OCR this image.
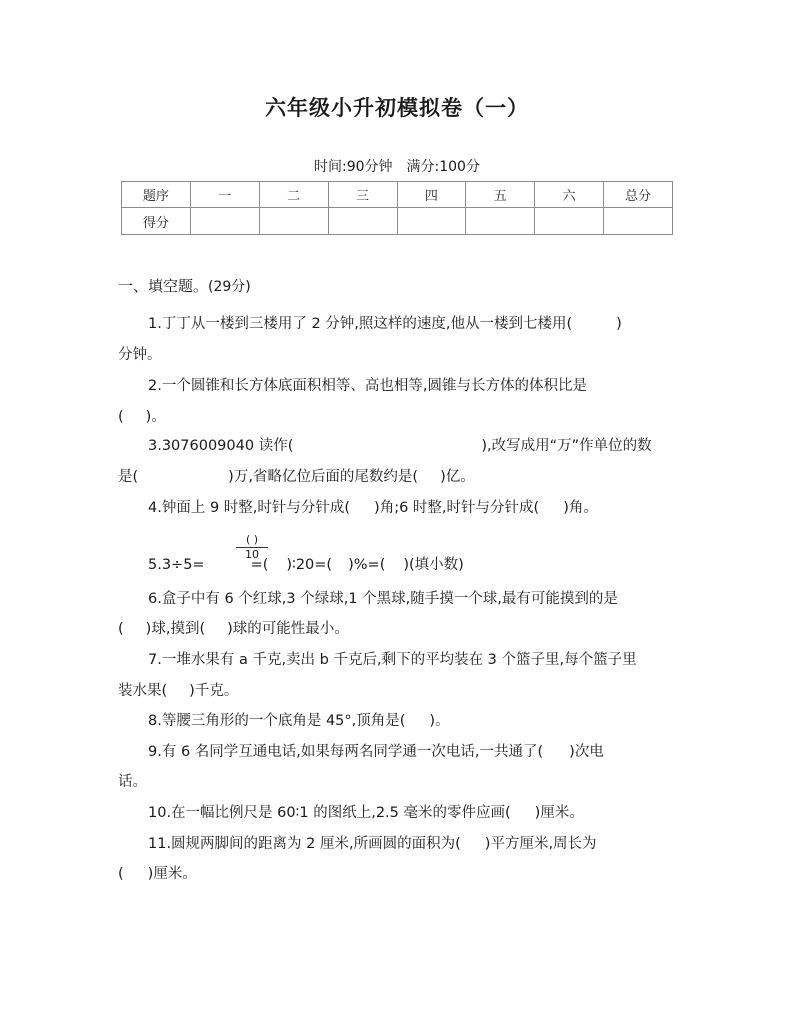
六年级小升初模拟卷（一）
时间:90分钟 满分:100分
题序	一	二	三	四	五	六	总分
得分							
一、填空题。(29分)
1.丁丁从一楼到三楼用了 2 分钟,照这样的速度,他从一楼到七楼用(	)
分钟。
2.一个圆锥和长方体底面积相等、高也相等,圆锥与长方体的体积比是
( )。
3.3076009040 读作(	),改写成用“万”作单位的数
是(	)万,省略亿位后面的尾数约是( )亿。
4.钟面上 9 时整,时针与分针成( )角;6 时整,时针与分针成( )角。
( )
10
5.3÷5=	=( )∶20=( )%=( )(填小数)
6.盒子中有 6 个红球,3 个绿球,1 个黑球,随手摸一个球,最有可能摸到的是
( )球,摸到( )球的可能性最小。
7.一堆水果有 a 千克,卖出 b 千克后,剩下的平均装在 3 个篮子里,每个篮子里
装水果( )千克。
8.等腰三角形的一个底角是 45°,顶角是( )。
9.有 6 名同学互通电话,如果每两名同学通一次电话,一共通了( )次电
话。
10.在一幅比例尺是 60∶1 的图纸上,2.5 毫米的零件应画( )厘米。
11.圆规两脚间的距离为 2 厘米,所画圆的面积为( )平方厘米,周长为
( )厘米。
